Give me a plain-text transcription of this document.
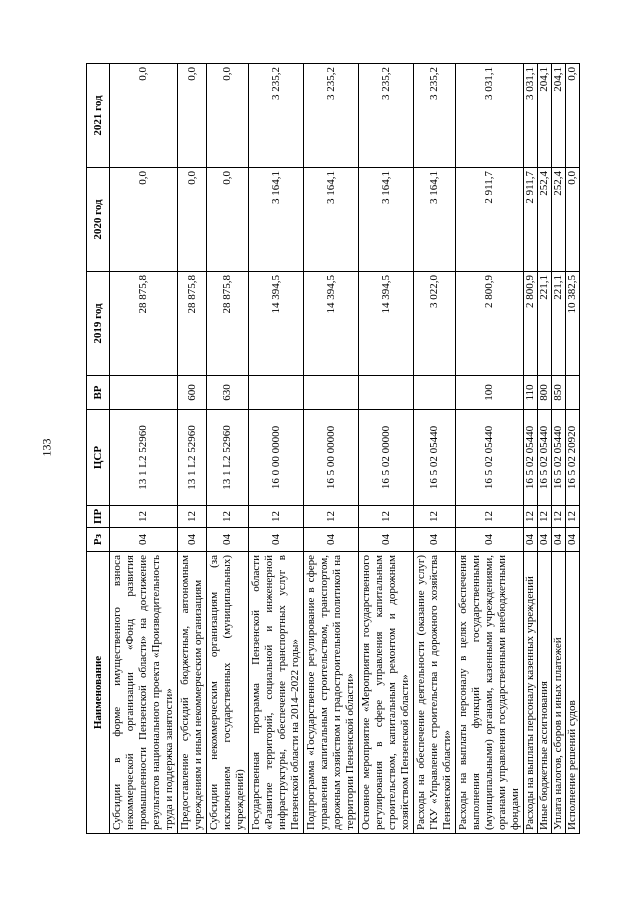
133
Наименование	Рз	ПР	ЦСР	ВР	2019 год	2020 год	2021 год
Субсидии в форме имущественного взноса некоммерческой организации «Фонд развития промышленности Пензенской области» на достижение результатов национального проекта «Производительность труда и поддержка занятости»	04	12	13 1 L2 52960		28 875,8	0,0	0,0
Предоставление субсидий бюджетным, автономным учреждениям и иным некоммерческим организациям	04	12	13 1 L2 52960	600	28 875,8	0,0	0,0
Субсидии некоммерческим организациям (за исключением государственных (муниципальных) учреждений)	04	12	13 1 L2 52960	630	28 875,8	0,0	0,0
Государственная программа Пензенской области «Развитие территорий, социальной и инженерной инфраструктуры, обеспечение транспортных услуг в Пензенской области на 2014–2022 годы»	04	12	16 0 00 00000		14 394,5	3 164,1	3 235,2
Подпрограмма «Государственное регулирование в сфере управления капитальным строительством, транспортом, дорожным хозяйством и градостроительной политикой на территории Пензенской области»	04	12	16 5 00 00000		14 394,5	3 164,1	3 235,2
Основное мероприятие «Мероприятия государственного регулирования в сфере управления капитальным строительством, капитальным ремонтом и дорожным хозяйством Пензенской области»	04	12	16 5 02 00000		14 394,5	3 164,1	3 235,2
Расходы на обеспечение деятельности (оказание услуг) ГКУ «Управление строительства и дорожного хозяйства Пензенской области»	04	12	16 5 02 05440		3 022,0	3 164,1	3 235,2
Расходы на выплаты персоналу в целях обеспечения выполнения функций государственными (муниципальными) органами, казенными учреждениями, органами управления государственными внебюджетными фондами	04	12	16 5 02 05440	100	2 800,9	2 911,7	3 031,1
Расходы на выплаты персоналу казенных учреждений	04	12	16 5 02 05440	110	2 800,9	2 911,7	3 031,1
Иные бюджетные ассигнования	04	12	16 5 02 05440	800	221,1	252,4	204,1
Уплата налогов, сборов и иных платежей	04	12	16 5 02 05440	850	221,1	252,4	204,1
Исполнение решений судов	04	12	16 5 02 20920		10 382,5	0,0	0,0
